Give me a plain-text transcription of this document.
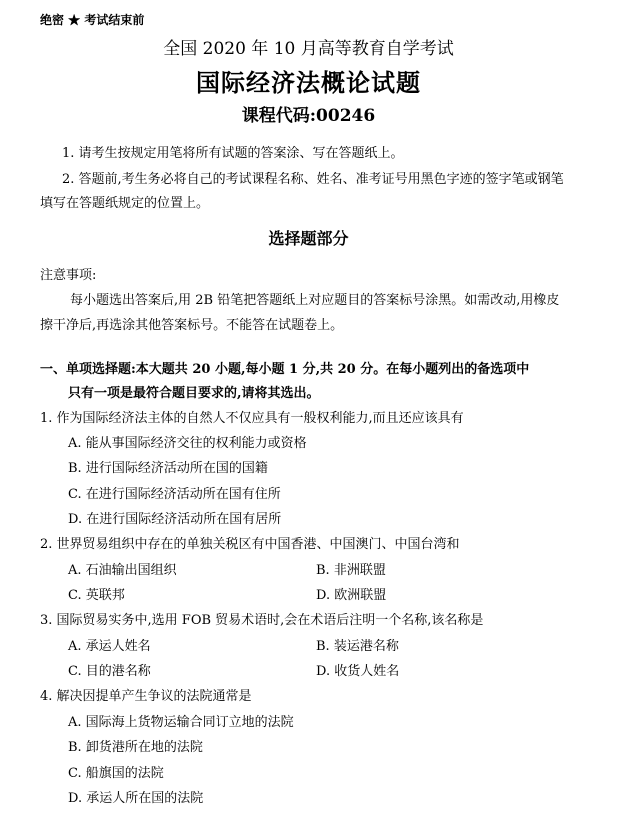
绝密 ★ 考试结束前
全国 2020 年 10 月高等教育自学考试
国际经济法概论试题
课程代码:00246
1. 请考生按规定用笔将所有试题的答案涂、写在答题纸上。
2. 答题前,考生务必将自己的考试课程名称、姓名、准考证号用黑色字迹的签字笔或钢笔
填写在答题纸规定的位置上。
选择题部分
注意事项:
每小题选出答案后,用 2B 铅笔把答题纸上对应题目的答案标号涂黑。如需改动,用橡皮
擦干净后,再选涂其他答案标号。不能答在试题卷上。
一、单项选择题:本大题共 20 小题,每小题 1 分,共 20 分。在每小题列出的备选项中
只有一项是最符合题目要求的,请将其选出。
1. 作为国际经济法主体的自然人不仅应具有一般权利能力,而且还应该具有
A. 能从事国际经济交往的权利能力或资格
B. 进行国际经济活动所在国的国籍
C. 在进行国际经济活动所在国有住所
D. 在进行国际经济活动所在国有居所
2. 世界贸易组织中存在的单独关税区有中国香港、中国澳门、中国台湾和
A. 石油输出国组织	B. 非洲联盟
C. 英联邦	D. 欧洲联盟
3. 国际贸易实务中,选用 FOB 贸易术语时,会在术语后注明一个名称,该名称是
A. 承运人姓名	B. 装运港名称
C. 目的港名称	D. 收货人姓名
4. 解决因提单产生争议的法院通常是
A. 国际海上货物运输合同订立地的法院
B. 卸货港所在地的法院
C. 船旗国的法院
D. 承运人所在国的法院
